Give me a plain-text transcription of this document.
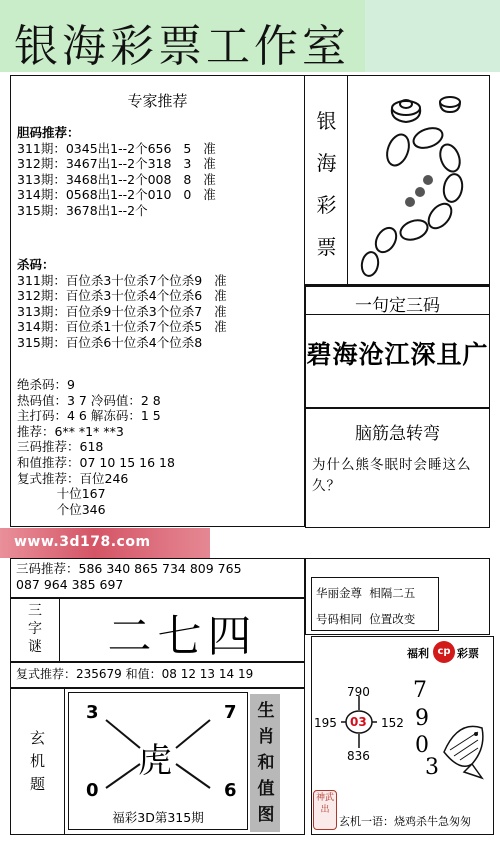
银海彩票工作室
专家推荐
胆码推荐：
311期：0345出1--2个656   5   准
312期：3467出1--2个318   3   准
313期：3468出1--2个008   8   准
314期：0568出1--2个010   0   准
315期：3678出1--2个
杀码：
311期：百位杀3十位杀7个位杀9   准
312期：百位杀3十位杀4个位杀6   准
313期：百位杀9十位杀3个位杀7   准
314期：百位杀1十位杀7个位杀5   准
315期：百位杀6十位杀4个位杀8
绝杀码：9
热码值：3 7 冷码值：2 8
主打码：4 6 解冻码：1 5
推荐：6** *1* **3
三码推荐：618
和值推荐：07 10 15 16 18
复式推荐：百位246
十位167
个位346
银
海
彩
票
一句定三码
碧海沧江深且广
脑筋急转弯
为什么熊冬眠时会睡这么久？
www.3d178.com
三码推荐：586 340 865 734 809 765
087 964 385 697
华丽金尊  相隔二五
号码相同  位置改变
三
字
谜	二七四
复式推荐：235679 和值：08 12 13 14 19
玄
机
题
3	7
0	6
虎
福彩3D第315期
生
肖
和
值
图
福利 cp 彩票
790
195 03 152
836
7
9
0
3
神武出
玄机一语：烧鸡杀牛急匆匆
